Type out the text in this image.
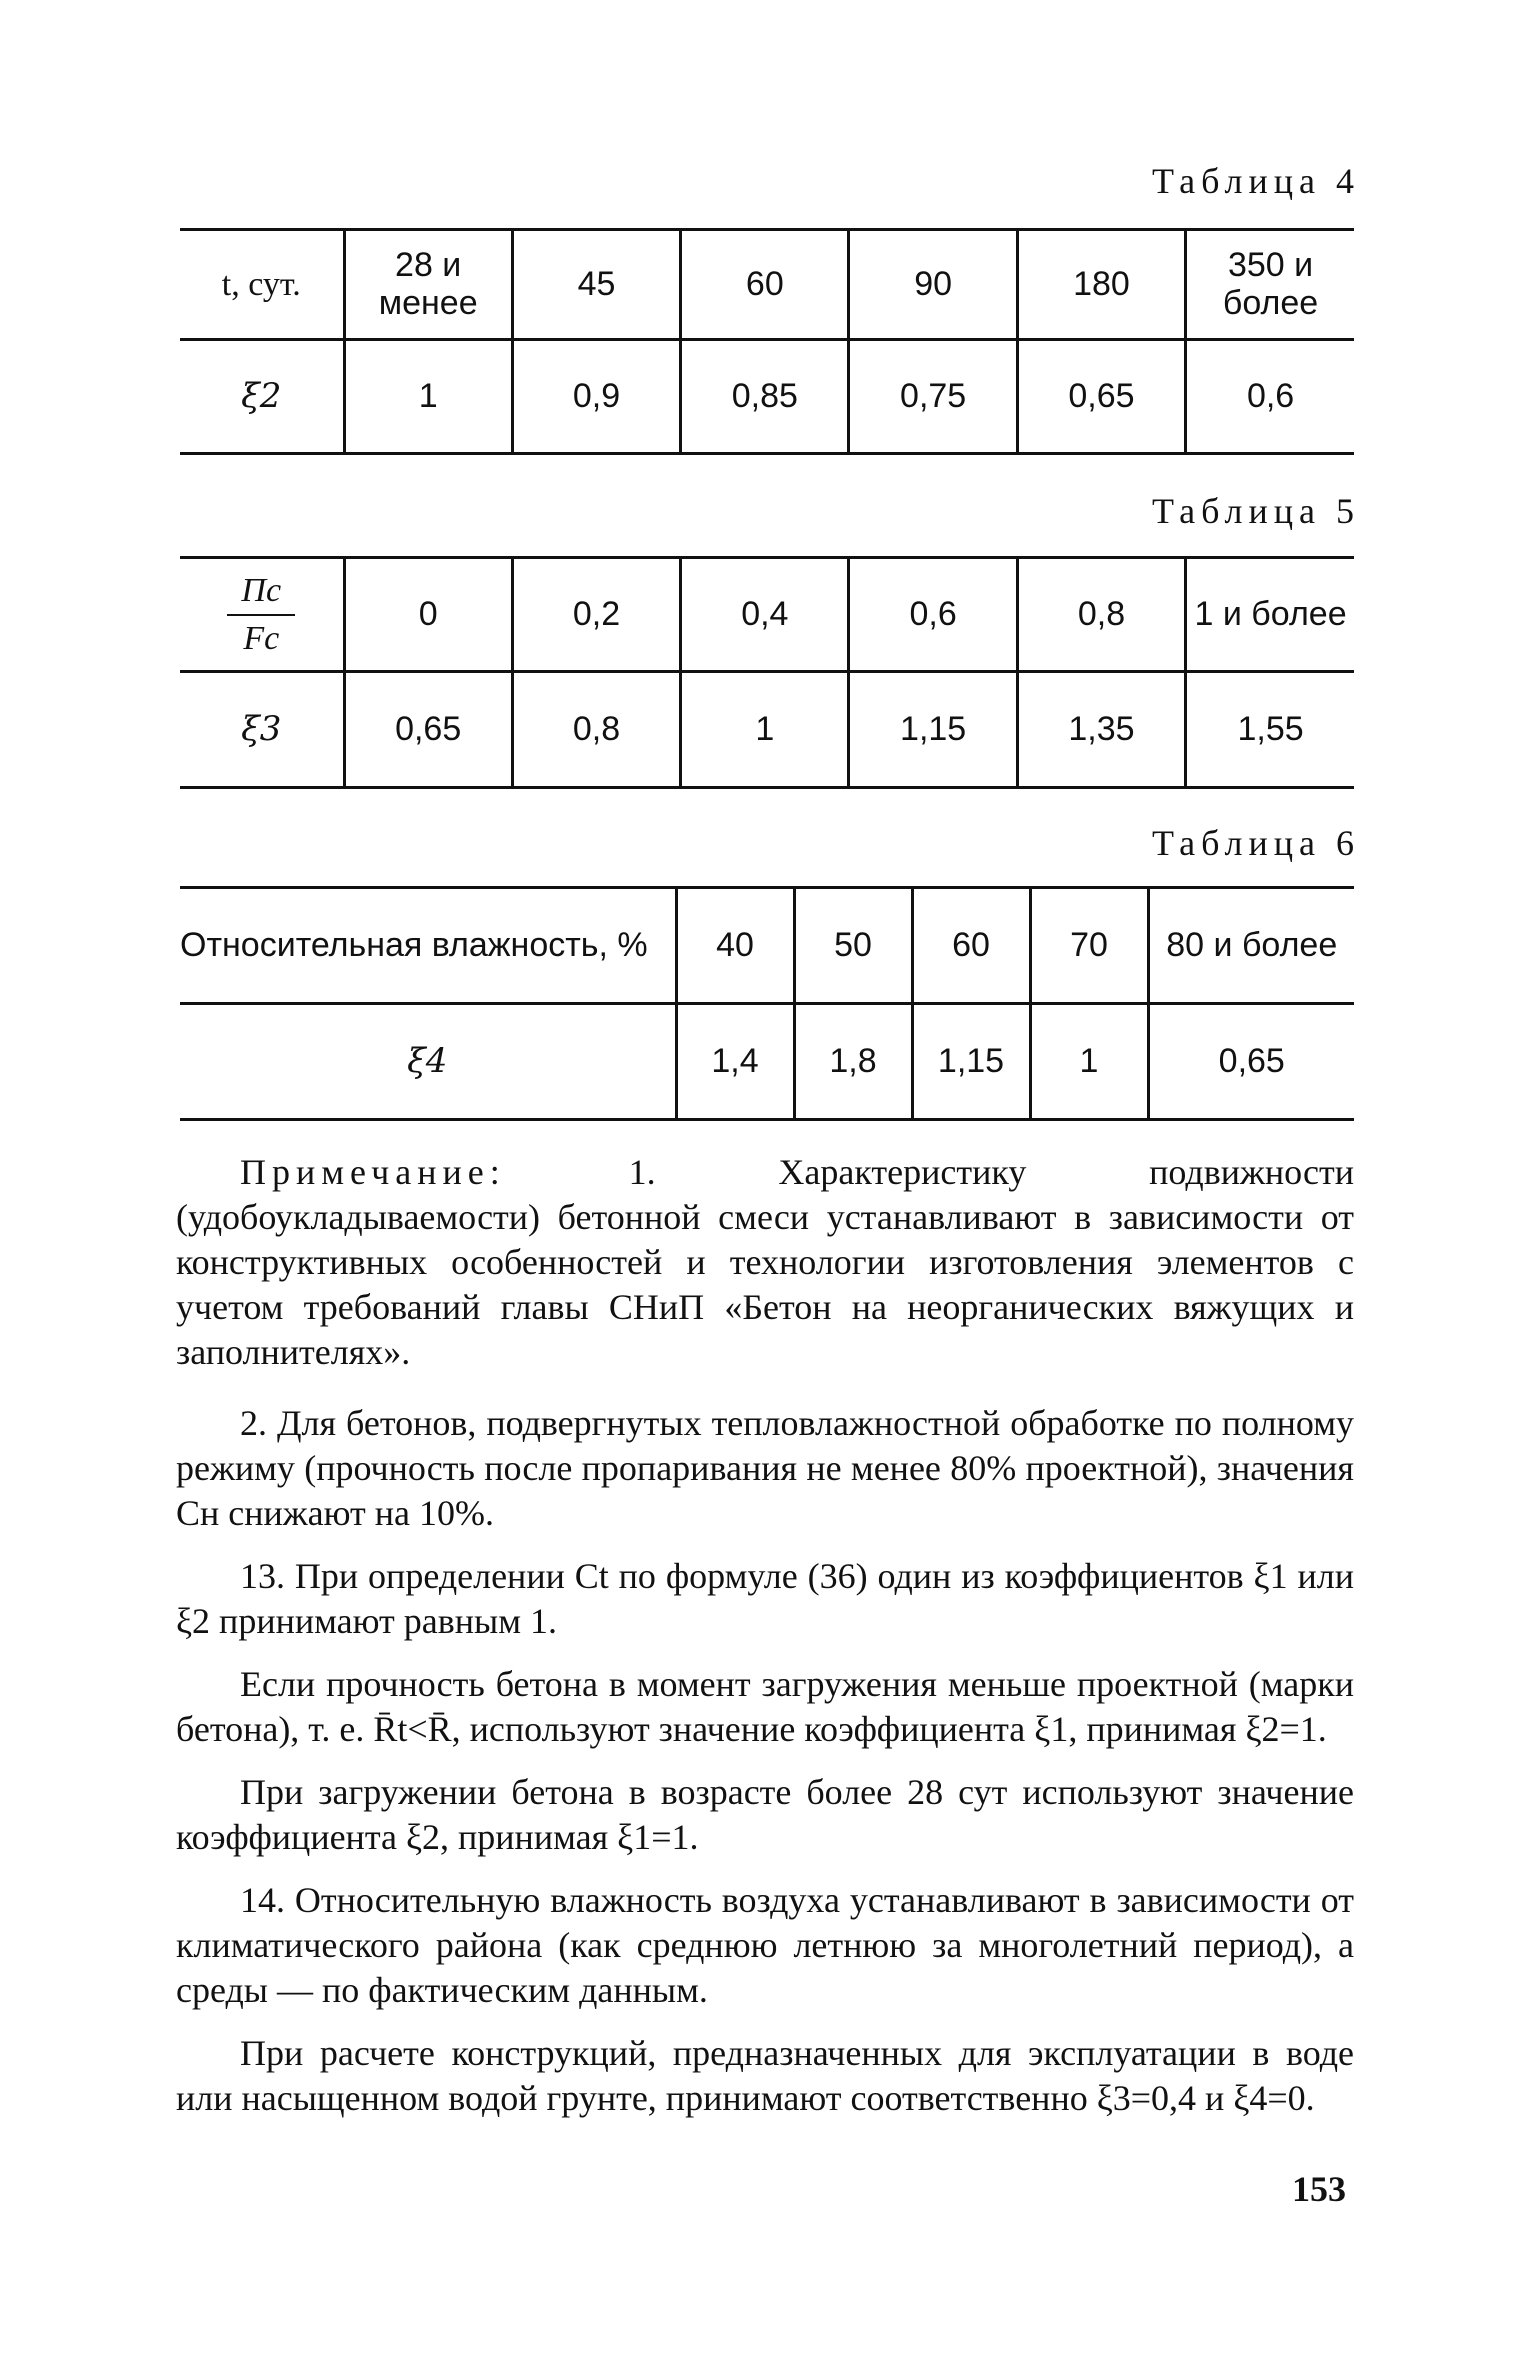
Таблица 4
t, сут.	28 и менее	45	60	90	180	350 и более
ξ2	1	0,9	0,85	0,75	0,65	0,6
Таблица 5
$\frac{Пс}{Fс}$	0	0,2	0,4	0,6	0,8	1 и более
ξ3	0,65	0,8	1	1,15	1,35	1,55
Таблица 6
Относительная влажность, %	40	50	60	70	80 и более
ξ4	1,4	1,8	1,15	1	0,65

Примечание:	1. Характеристику подвижности (удобоукладываемости) бетонной смеси устанавливают в зависимости от конструктивных особенностей и технологии изготовления элементов с учетом требований главы СНиП «Бетон на неорганических вяжущих и заполнителях».

2. Для бетонов, подвергнутых тепловлажностной обработке по полному режиму (прочность после пропаривания не менее 80% проектной), значения Сн снижают на 10%.

13. При определении Ct по формуле (36) один из коэффициентов ξ1 или ξ2 принимают равным 1.

Если прочность бетона в момент загружения меньше проектной (марки бетона), т. е. R̄t<R̄, используют значение коэффициента ξ1, принимая ξ2=1.

При загружении бетона в возрасте более 28 сут используют значение коэффициента ξ2, принимая ξ1=1.

14. Относительную влажность воздуха устанавливают в зависимости от климатического района (как среднюю летнюю за многолетний период), а среды — по фактическим данным.

При расчете конструкций, предназначенных для эксплуатации в воде или насыщенном водой грунте, принимают соответственно ξ3=0,4 и ξ4=0.

153
